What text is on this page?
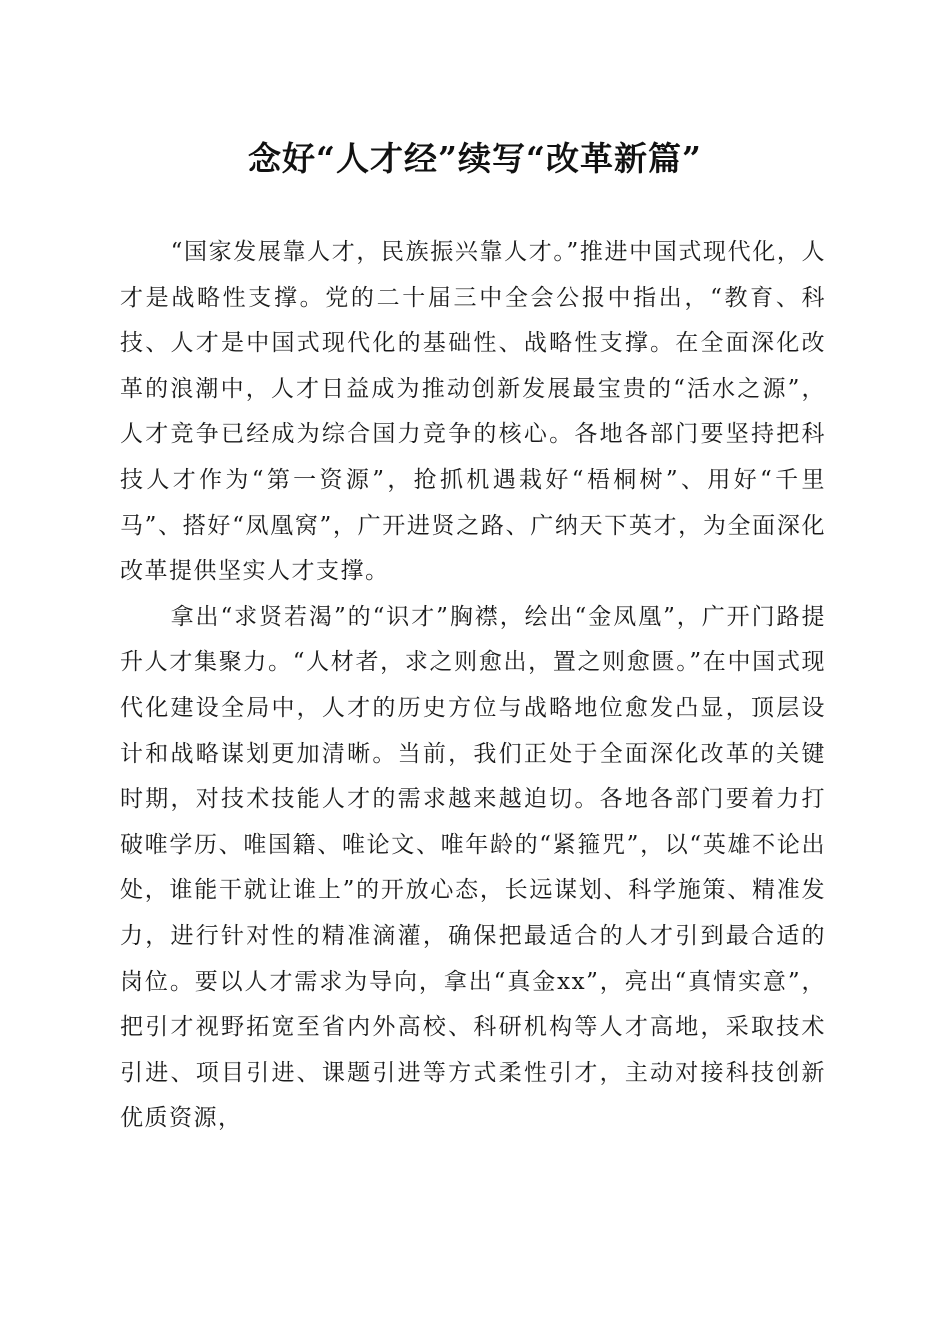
念好“人才经”续写“改革新篇”

“国家发展靠人才，民族振兴靠人才。”推进中国式现代化，人才是战略性支撑。党的二十届三中全会公报中指出，“教育、科技、人才是中国式现代化的基础性、战略性支撑。在全面深化改革的浪潮中，人才日益成为推动创新发展最宝贵的“活水之源”，人才竞争已经成为综合国力竞争的核心。各地各部门要坚持把科技人才作为“第一资源”，抢抓机遇栽好“梧桐树”、用好“千里马”、搭好“凤凰窝”，广开进贤之路、广纳天下英才，为全面深化改革提供坚实人才支撑。

拿出“求贤若渴”的“识才”胸襟，绘出“金凤凰”，广开门路提升人才集聚力。“人材者，求之则愈出，置之则愈匮。”在中国式现代化建设全局中，人才的历史方位与战略地位愈发凸显，顶层设计和战略谋划更加清晰。当前，我们正处于全面深化改革的关键时期，对技术技能人才的需求越来越迫切。各地各部门要着力打破唯学历、唯国籍、唯论文、唯年龄的“紧箍咒”，以“英雄不论出处，谁能干就让谁上”的开放心态，长远谋划、科学施策、精准发力，进行针对性的精准滴灌，确保把最适合的人才引到最合适的岗位。要以人才需求为导向，拿出“真金xx”，亮出“真情实意”，把引才视野拓宽至省内外高校、科研机构等人才高地，采取技术引进、项目引进、课题引进等方式柔性引才，主动对接科技创新优质资源，
